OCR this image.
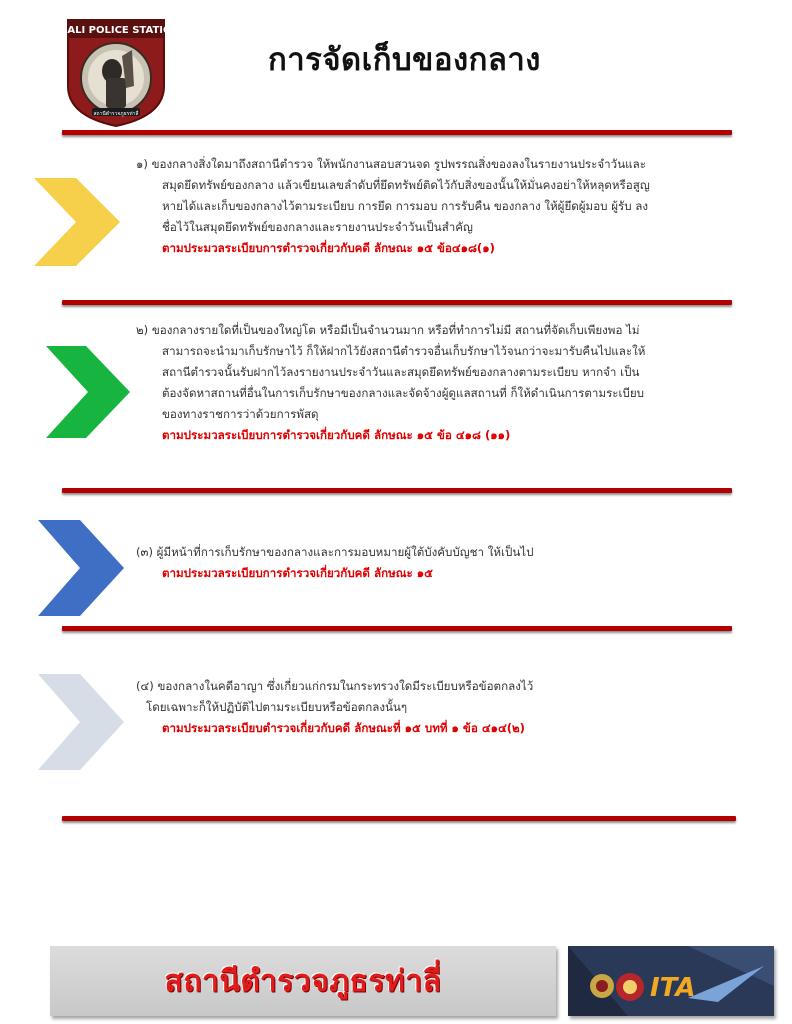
THALI POLICE STATION
สถานีตำรวจภูธรท่าลี่
การจัดเก็บของกลาง

๑) ของกลางสิ่งใดมาถึงสถานีตำรวจ ให้พนักงานสอบสวนจด รูปพรรณสิ่งของลงในรายงานประจำวันและ

สมุดยึดทรัพย์ของกลาง แล้วเขียนเลขลำดับที่ยึดทรัพย์ติดไว้กับสิ่งของนั้นให้มั่นคงอย่าให้หลุดหรือสูญ

หายได้และเก็บของกลางไว้ตามระเบียบ การยึด การมอบ การรับคืน ของกลาง ให้ผู้ยึดผู้มอบ ผู้รับ ลง

ชื่อไว้ในสมุดยึดทรัพย์ของกลางและรายงานประจำวันเป็นสำคัญ

ตามประมวลระเบียบการตำรวจเกี่ยวกับคดี ลักษณะ ๑๕ ข้อ๔๑๘(๑)

๒) ของกลางรายใดที่เป็นของใหญ่โต หรือมีเป็นจำนวนมาก หรือที่ทำการไม่มี สถานที่จัดเก็บเพียงพอ ไม่

สามารถจะนำมาเก็บรักษาไว้ ก็ให้ฝากไว้ยังสถานีตำรวจอื่นเก็บรักษาไว้จนกว่าจะมารับคืนไปและให้

สถานีตำรวจนั้นรับฝากไว้ลงรายงานประจำวันและสมุดยึดทรัพย์ของกลางตามระเบียบ หากจำ เป็น

ต้องจัดหาสถานที่อื่นในการเก็บรักษาของกลางและจัดจ้างผู้ดูแลสถานที่ ก็ให้ดำเนินการตามระเบียบ

ของทางราชการว่าด้วยการพัสดุ

ตามประมวลระเบียบการตำรวจเกี่ยวกับคดี ลักษณะ ๑๕ ข้อ ๔๑๘ (๑๑)

(๓) ผู้มีหน้าที่การเก็บรักษาของกลางและการมอบหมายผู้ใต้บังคับบัญชา ให้เป็นไป

ตามประมวลระเบียบการตำรวจเกี่ยวกับคดี ลักษณะ ๑๕

(๔) ของกลางในคดีอาญา ซึ่งเกี่ยวแก่กรมในกระทรวงใดมีระเบียบหรือข้อตกลงไว้

โดยเฉพาะก็ให้ปฏิบัติไปตามระเบียบหรือข้อตกลงนั้นๆ

ตามประมวลระเบียบตำรวจเกี่ยวกับคดี ลักษณะที่ ๑๕ บทที่ ๑ ข้อ ๔๑๔(๒)

สถานีตำรวจภูธรท่าลี่	ITA
